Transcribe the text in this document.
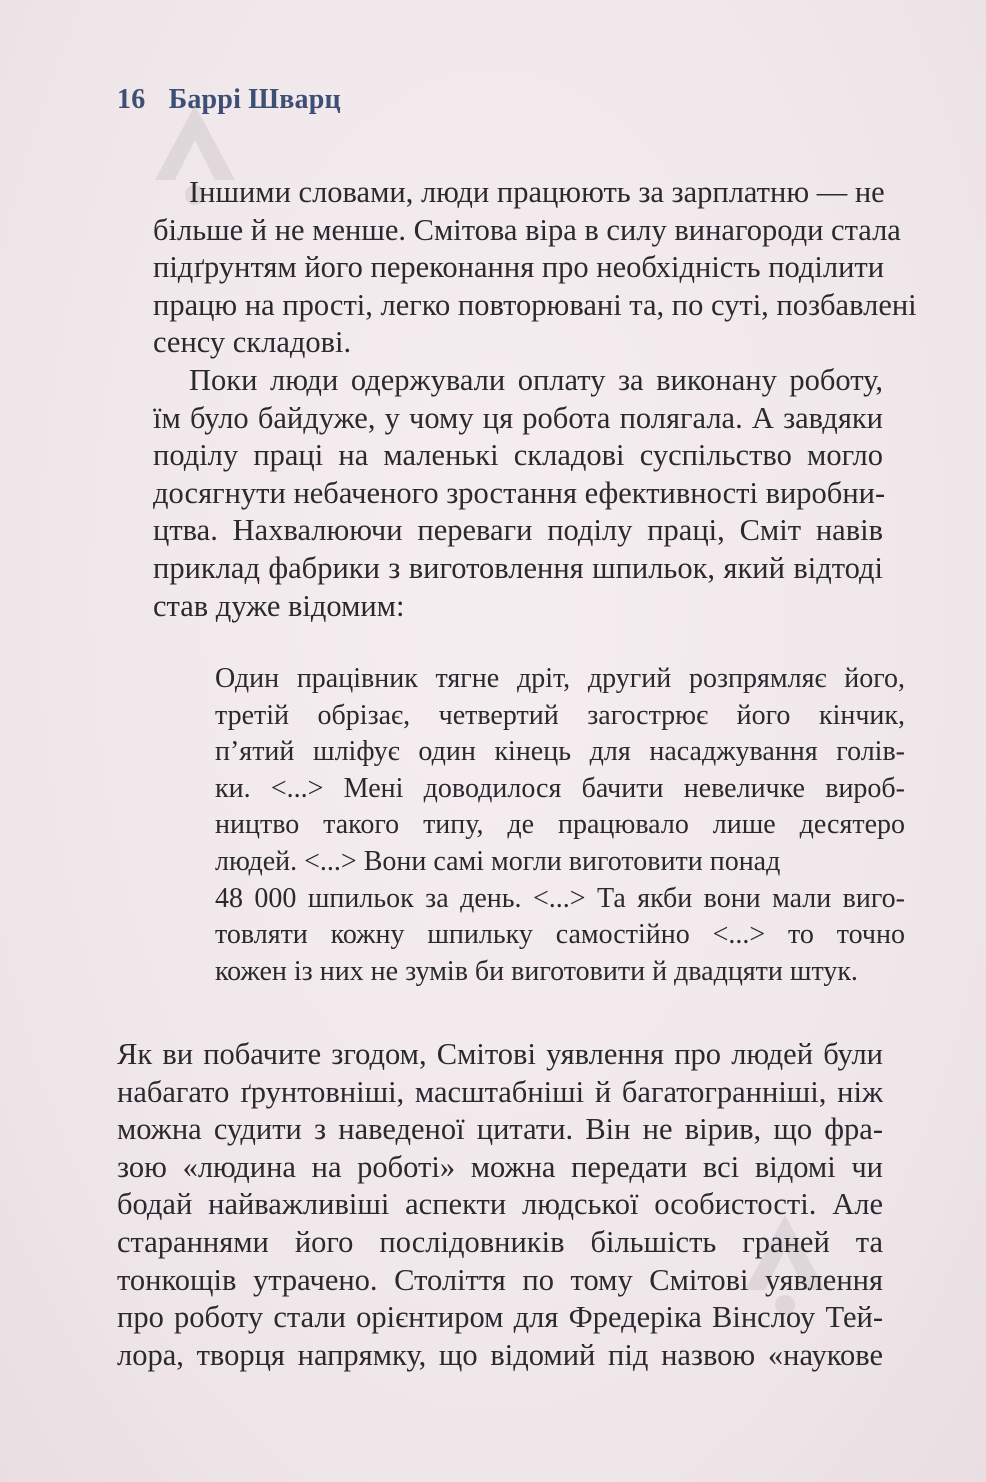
16 Баррі Шварц

Іншими словами, люди працюють за зарплатню — не
більше й не менше. Смітова віра в силу винагороди стала
підґрунтям його переконання про необхідність поділити
працю на прості, легко повторювані та, по суті, позбавлені
сенсу складові.

Поки люди одержували оплату за виконану роботу,
їм було байдуже, у чому ця робота полягала. А завдяки
поділу праці на маленькі складові суспільство могло
досягнути небаченого зростання ефективності виробни-
цтва. Нахвалюючи переваги поділу праці, Сміт навів
приклад фабрики з виготовлення шпильок, який відтоді
став дуже відомим:

Один працівник тягне дріт, другий розпрямляє його,
третій обрізає, четвертий загострює його кінчик,
п’ятий шліфує один кінець для насаджування голів-
ки. <...> Мені доводилося бачити невеличке вироб-
ництво такого типу, де працювало лише десятеро
людей. <...> Вони самі могли виготовити понад
48 000 шпильок за день. <...> Та якби вони мали виго-
товляти кожну шпильку самостійно <...> то точно
кожен із них не зумів би виготовити й двадцяти штук.

Як ви побачите згодом, Смітові уявлення про людей були
набагато ґрунтовніші, масштабніші й багатогранніші, ніж
можна судити з наведеної цитати. Він не вірив, що фра-
зою «людина на роботі» можна передати всі відомі чи
бодай найважливіші аспекти людської особистості. Але
стараннями його послідовників більшість граней та
тонкощів утрачено. Століття по тому Смітові уявлення
про роботу стали орієнтиром для Фредеріка Вінслоу Тей-
лора, творця напрямку, що відомий під назвою «наукове
